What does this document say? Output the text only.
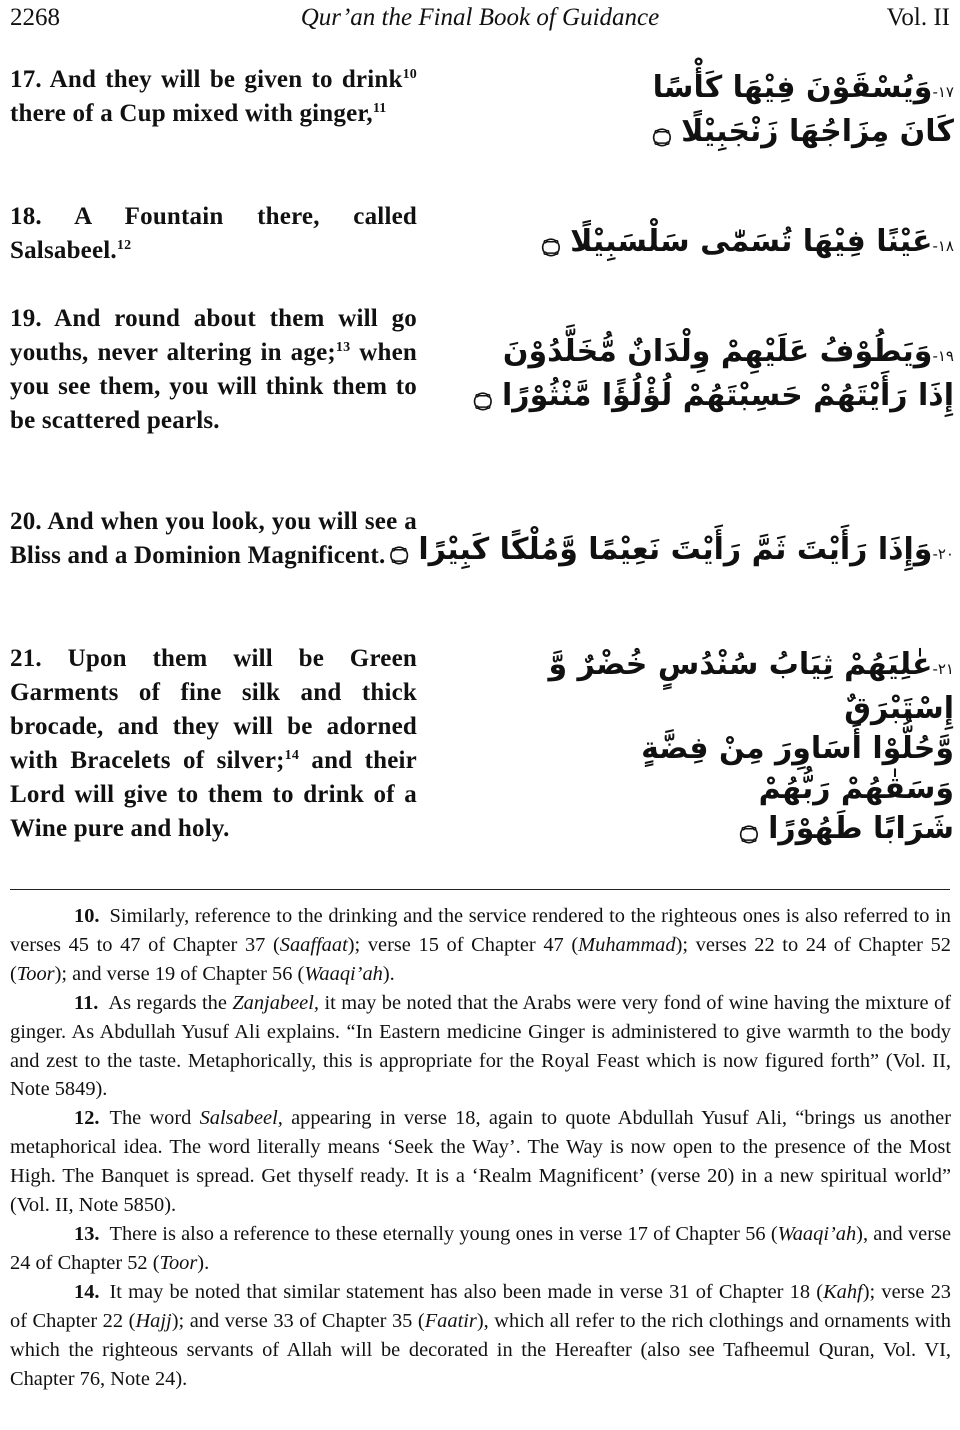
2268	Qur’an the Final Book of Guidance	Vol. II
17. And they will be given to drink$^{10}$ there of a Cup mixed with ginger,$^{11}$
١٧-وَيُسْقَوْنَ فِيْهَا كَأْسًا
كَانَ مِزَاجُهَا زَنْجَبِيْلًا ۝
18. A Fountain there, called Salsabeel.$^{12}$	١٨-عَيْنًا فِيْهَا تُسَمّٰى سَلْسَبِيْلًا ۝
19. And round about them will go youths, never altering in age;$^{13}$ when you see them, you will think them to be scattered pearls.
١٩-وَيَطُوْفُ عَلَيْهِمْ وِلْدَانٌ مُّخَلَّدُوْنَ
إِذَا رَأَيْتَهُمْ حَسِبْتَهُمْ لُؤْلُؤًا مَّنْثُوْرًا ۝
20. And when you look, you will see a Bliss and a Dominion Magnificent.	٢٠-وَإِذَا رَأَيْتَ ثَمَّ رَأَيْتَ نَعِيْمًا وَّمُلْكًا كَبِيْرًا ۝
21. Upon them will be Green Garments of fine silk and thick brocade, and they will be adorned with Bracelets of silver;$^{14}$ and their Lord will give to them to drink of a Wine pure and holy.
٢١-عٰلِيَهُمْ ثِيَابُ سُنْدُسٍ خُضْرٌ وَّ
إِسْتَبْرَقٌ
وَّحُلُّوْا أَسَاوِرَ مِنْ فِضَّةٍ
وَسَقٰهُمْ رَبُّهُمْ
شَرَابًا طَهُوْرًا ۝

10. Similarly, reference to the drinking and the service rendered to the righteous ones is also referred to in verses 45 to 47 of Chapter 37 (Saaffaat); verse 15 of Chapter 47 (Muhammad); verses 22 to 24 of Chapter 52 (Toor); and verse 19 of Chapter 56 (Waaqi’ah).

11. As regards the Zanjabeel, it may be noted that the Arabs were very fond of wine having the mixture of ginger. As Abdullah Yusuf Ali explains. “In Eastern medicine Ginger is administered to give warmth to the body and zest to the taste. Metaphorically, this is appropriate for the Royal Feast which is now figured forth” (Vol. II, Note 5849).

12. The word Salsabeel, appearing in verse 18, again to quote Abdullah Yusuf Ali, “brings us another metaphorical idea. The word literally means ‘Seek the Way’. The Way is now open to the presence of the Most High. The Banquet is spread. Get thyself ready. It is a ‘Realm Magnificent’ (verse 20) in a new spiritual world” (Vol. II, Note 5850).

13. There is also a reference to these eternally young ones in verse 17 of Chapter 56 (Waaqi’ah), and verse 24 of Chapter 52 (Toor).

14. It may be noted that similar statement has also been made in verse 31 of Chapter 18 (Kahf); verse 23 of Chapter 22 (Hajj); and verse 33 of Chapter 35 (Faatir), which all refer to the rich clothings and ornaments with which the righteous servants of Allah will be decorated in the Hereafter (also see Tafheemul Quran, Vol. VI, Chapter 76, Note 24).
